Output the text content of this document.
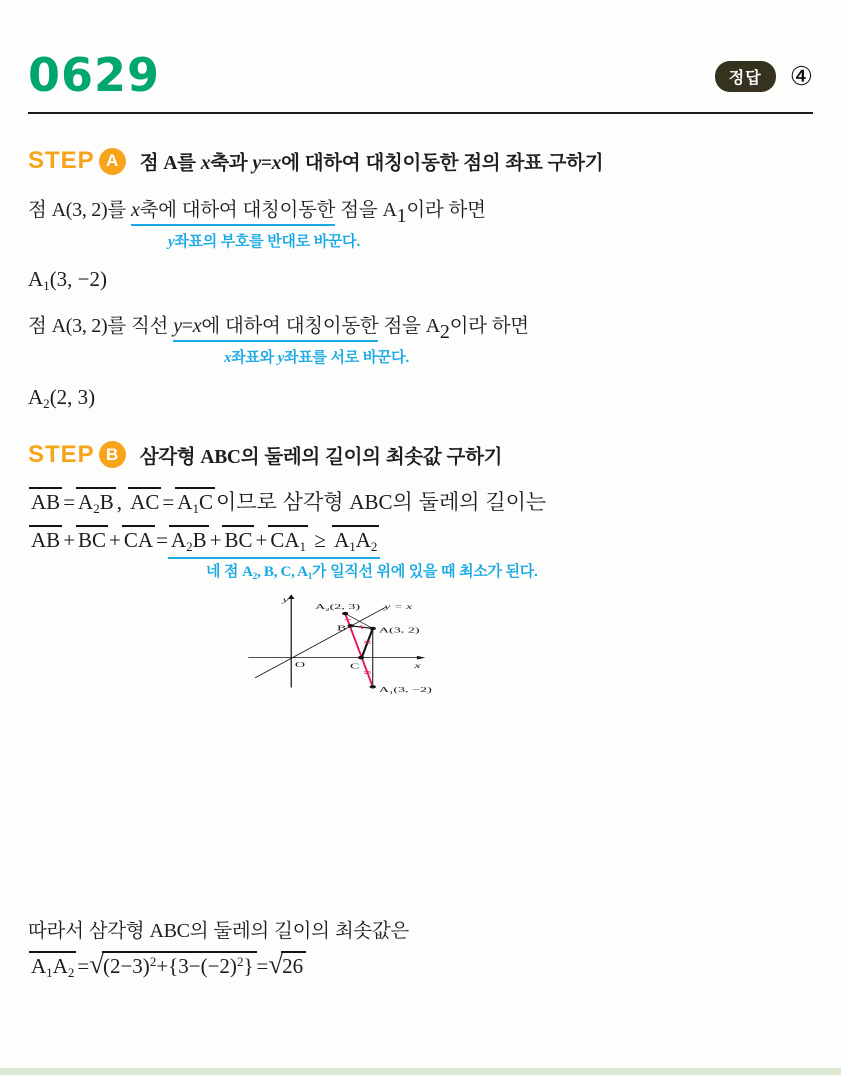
0629	정답	④
STEP A	점 A를 x축과 y=x에 대하여 대칭이동한 점의 좌표 구하기
점 A(3, 2)를 x축에 대하여 대칭이동한 점을 A1이라 하면
y좌표의 부호를 반대로 바꾼다.
$A_1(3$, −2)
점 A(3, 2)를 직선 y=x에 대하여 대칭이동한 점을 A2이라 하면
x좌표와 y좌표를 서로 바꾼다.
$A_2(2$, 3)
STEP B	삼각형 ABC의 둘레의 길이의 최솟값 구하기
AB = $A_2B$ , AC = $A_1C$ 이므로 삼각형 ABC의 둘레의 길이는
AB + BC + CA = $A_2B$ + BC + $CA_1 \ge A_1A_2$
네 점 $A_2$, B, C, $A_1$가 일직선 위에 있을 때 최소가 된다.
y
x
O
y = x
$A_2(2$, 3)
B A(3, 2)
C
$A_1(3$, −2)
따라서 삼각형 ABC의 둘레의 길이의 최솟값은
$A_1A_2 =√(2-3)^2+\{3-(-2)^2\} =√26$
